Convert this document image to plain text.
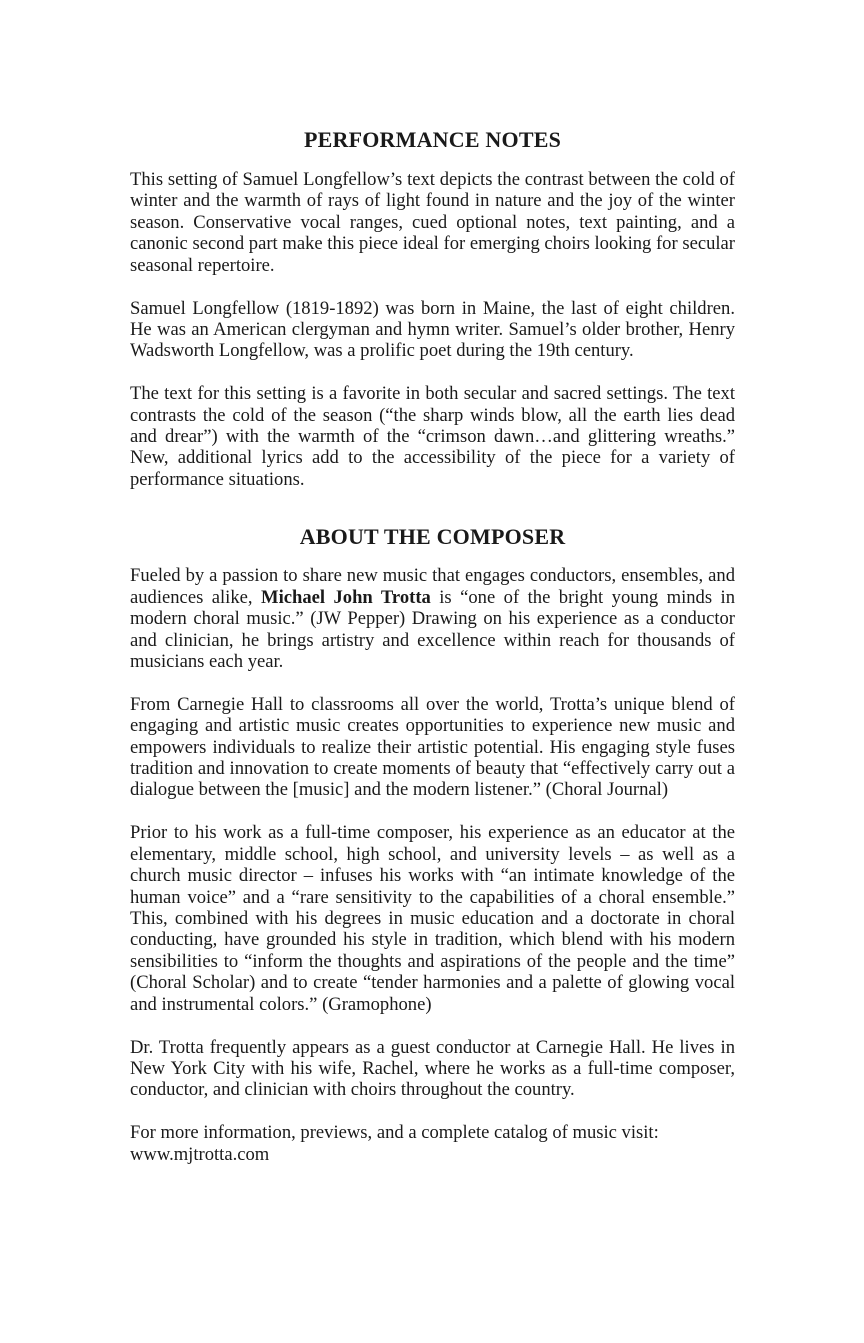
PERFORMANCE NOTES

This setting of Samuel Longfellow’s text depicts the contrast between the cold of winter and the warmth of rays of light found in nature and the joy of the winter season. Conservative vocal ranges, cued optional notes, text painting, and a canonic second part make this piece ideal for emerging choirs looking for secular seasonal repertoire.

Samuel Longfellow (1819-1892) was born in Maine, the last of eight children. He was an American clergyman and hymn writer. Samuel’s older brother, Henry Wadsworth Longfellow, was a prolific poet during the 19th century.

The text for this setting is a favorite in both secular and sacred settings. The text contrasts the cold of the season (“the sharp winds blow, all the earth lies dead and drear”) with the warmth of the “crimson dawn…and glittering wreaths.” New, additional lyrics add to the accessibility of the piece for a variety of performance situations.

ABOUT THE COMPOSER

Fueled by a passion to share new music that engages conductors, ensembles, and audiences alike, Michael John Trotta is “one of the bright young minds in modern choral music.” (JW Pepper) Drawing on his experience as a conductor and clinician, he brings artistry and excellence within reach for thousands of musicians each year.

From Carnegie Hall to classrooms all over the world, Trotta’s unique blend of engaging and artistic music creates opportunities to experience new music and empowers individuals to realize their artistic potential. His engaging style fuses tradition and innovation to create moments of beauty that “effectively carry out a dialogue between the [music] and the modern listener.” (Choral Journal)

Prior to his work as a full-time composer, his experience as an educator at the elementary, middle school, high school, and university levels – as well as a church music director – infuses his works with “an intimate knowledge of the human voice” and a “rare sensitivity to the capabilities of a choral ensemble.” This, combined with his degrees in music education and a doctorate in choral conducting, have grounded his style in tradition, which blend with his modern sensibilities to “inform the thoughts and aspirations of the people and the time” (Choral Scholar) and to create “tender harmonies and a palette of glowing vocal and instrumental colors.” (Gramophone)

Dr. Trotta frequently appears as a guest conductor at Carnegie Hall. He lives in New York City with his wife, Rachel, where he works as a full-time composer, conductor, and clinician with choirs throughout the country.

For more information, previews, and a complete catalog of music visit:
www.mjtrotta.com
